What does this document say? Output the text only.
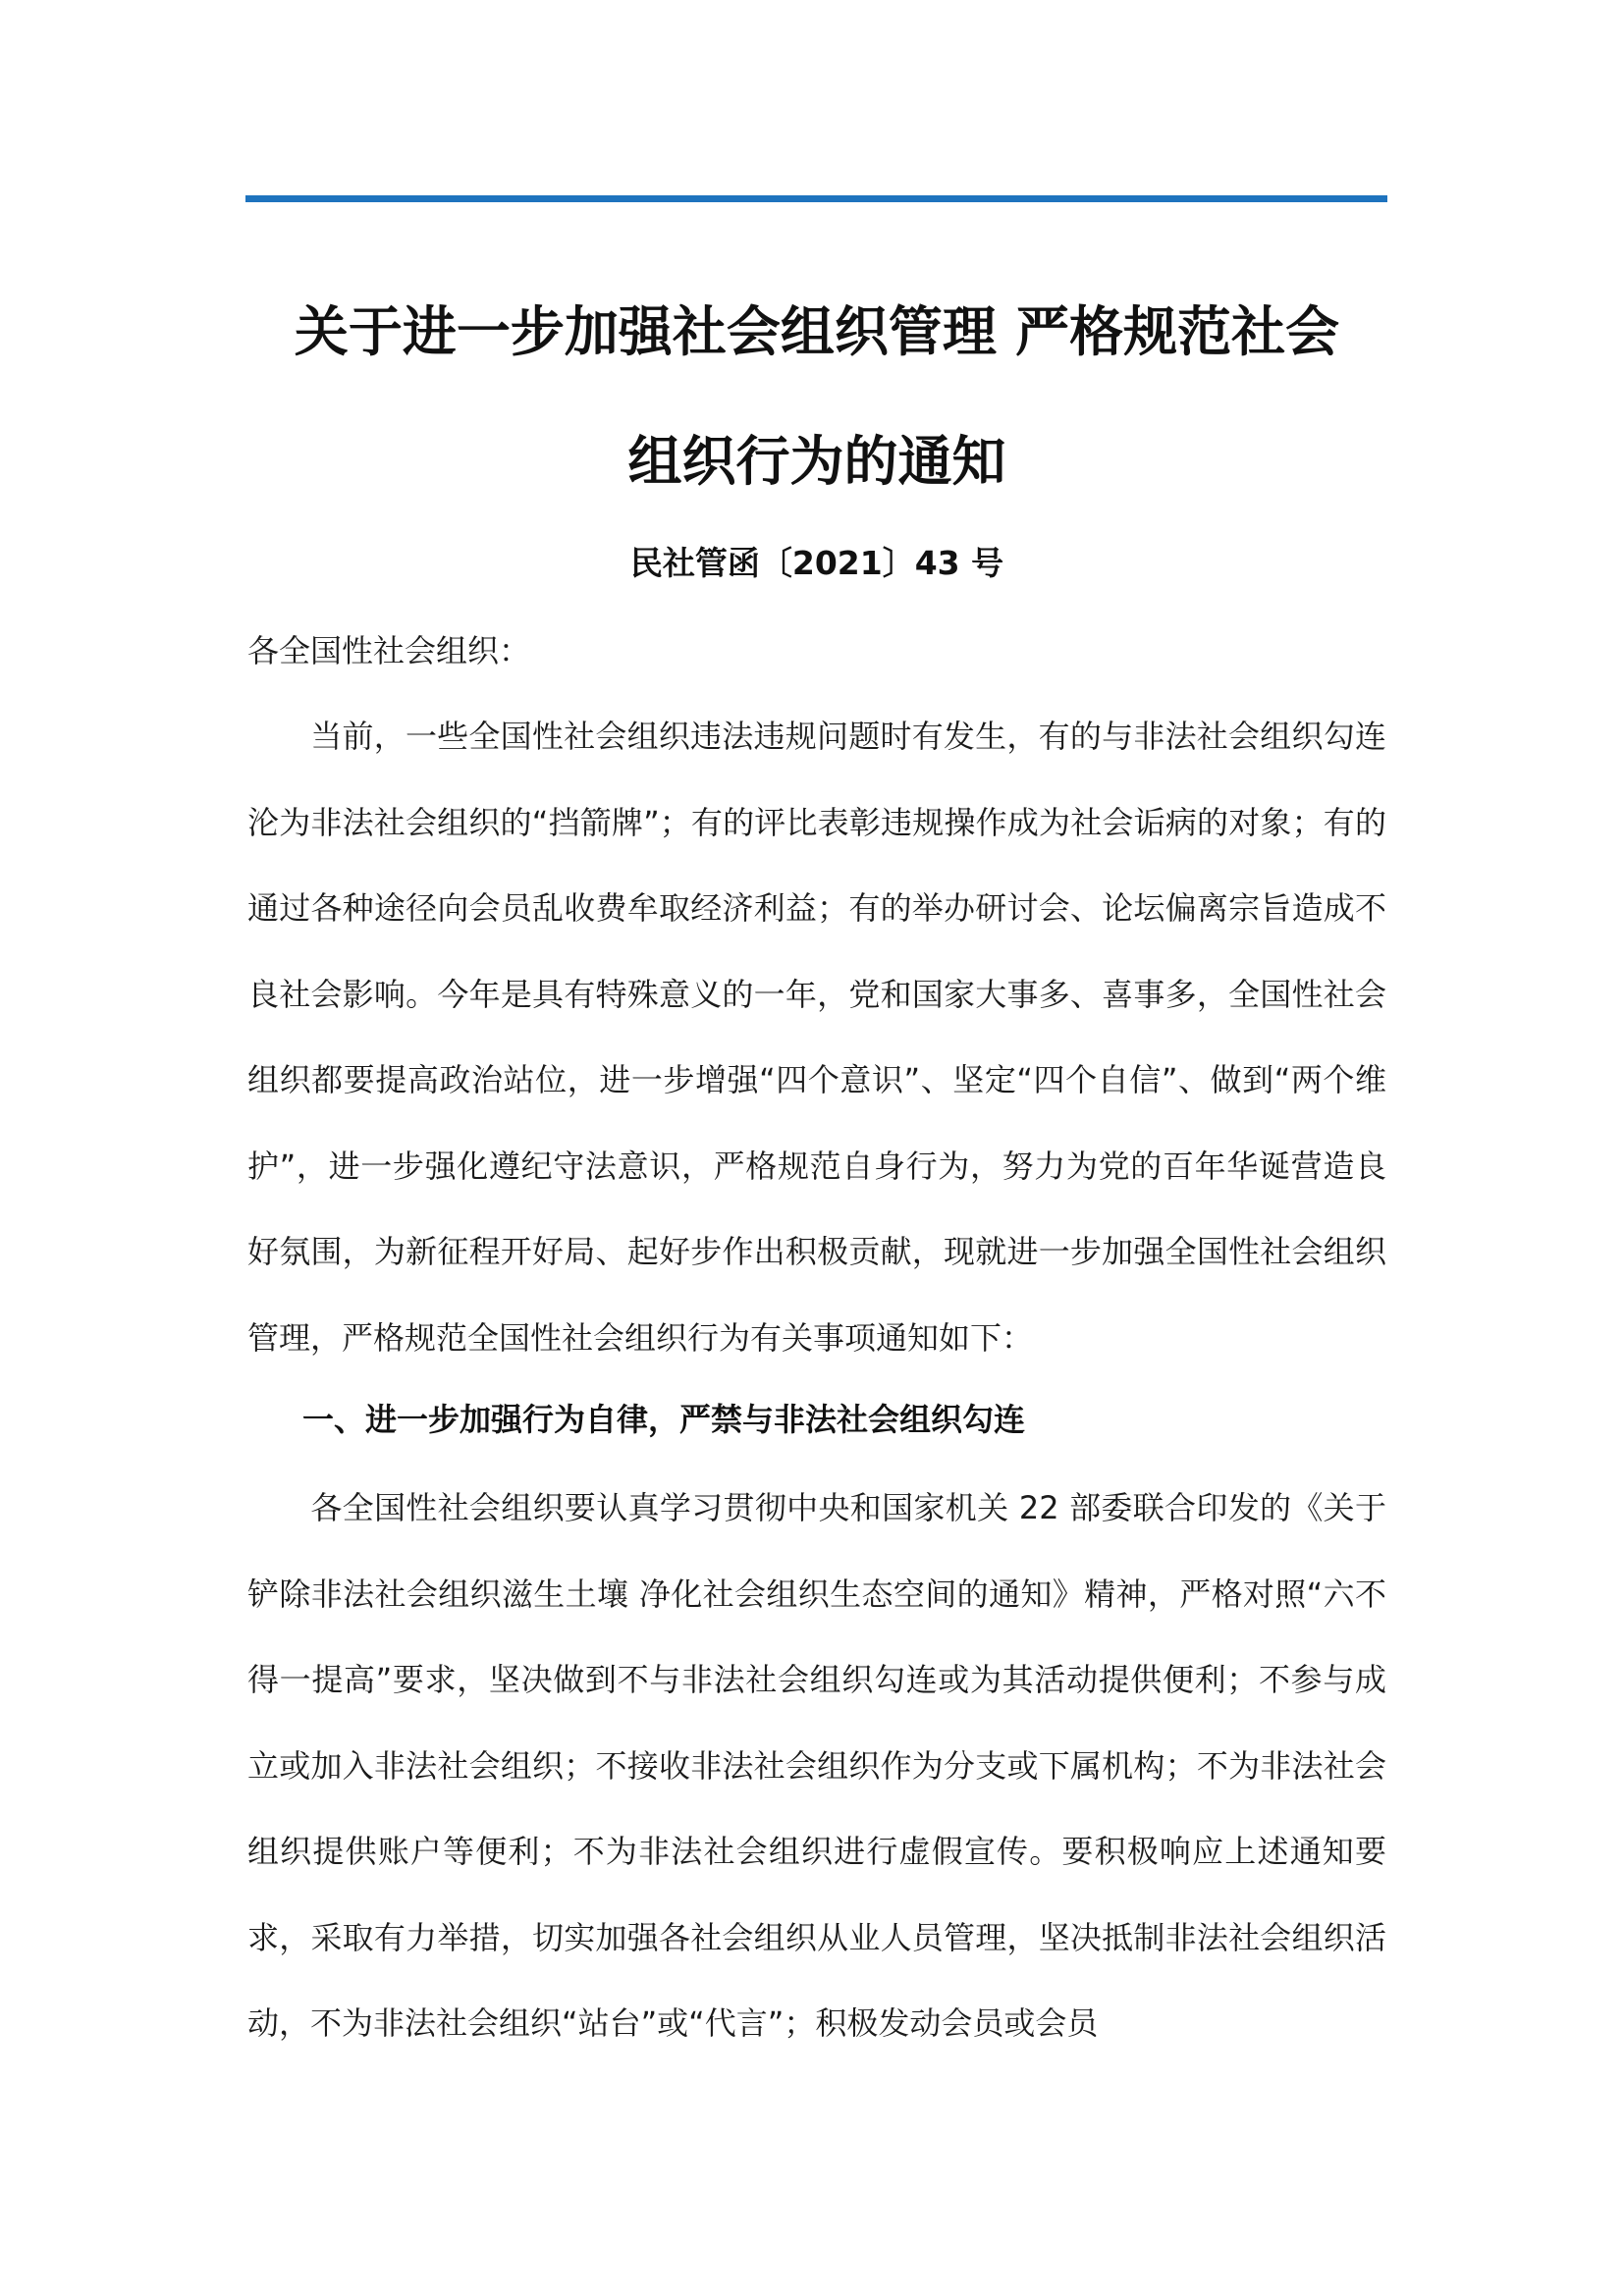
关于进一步加强社会组织管理 严格规范社会
组织行为的通知
民社管函〔2021〕43 号
各全国性社会组织：
当前，一些全国性社会组织违法违规问题时有发生，有的与非法社会组织勾连沦为非法社会组织的“挡箭牌”；有的评比表彰违规操作成为社会诟病的对象；有的通过各种途径向会员乱收费牟取经济利益；有的举办研讨会、论坛偏离宗旨造成不良社会影响。今年是具有特殊意义的一年，党和国家大事多、喜事多，全国性社会组织都要提高政治站位，进一步增强“四个意识”、坚定“四个自信”、做到“两个维护”，进一步强化遵纪守法意识，严格规范自身行为，努力为党的百年华诞营造良好氛围，为新征程开好局、起好步作出积极贡献，现就进一步加强全国性社会组织管理，严格规范全国性社会组织行为有关事项通知如下：
一、进一步加强行为自律，严禁与非法社会组织勾连
各全国性社会组织要认真学习贯彻中央和国家机关 22 部委联合印发的《关于铲除非法社会组织滋生土壤 净化社会组织生态空间的通知》精神，严格对照“六不得一提高”要求，坚决做到不与非法社会组织勾连或为其活动提供便利；不参与成立或加入非法社会组织；不接收非法社会组织作为分支或下属机构；不为非法社会组织提供账户等便利；不为非法社会组织进行虚假宣传。要积极响应上述通知要求，采取有力举措，切实加强各社会组织从业人员管理，坚决抵制非法社会组织活动，不为非法社会组织“站台”或“代言”；积极发动会员或会员
